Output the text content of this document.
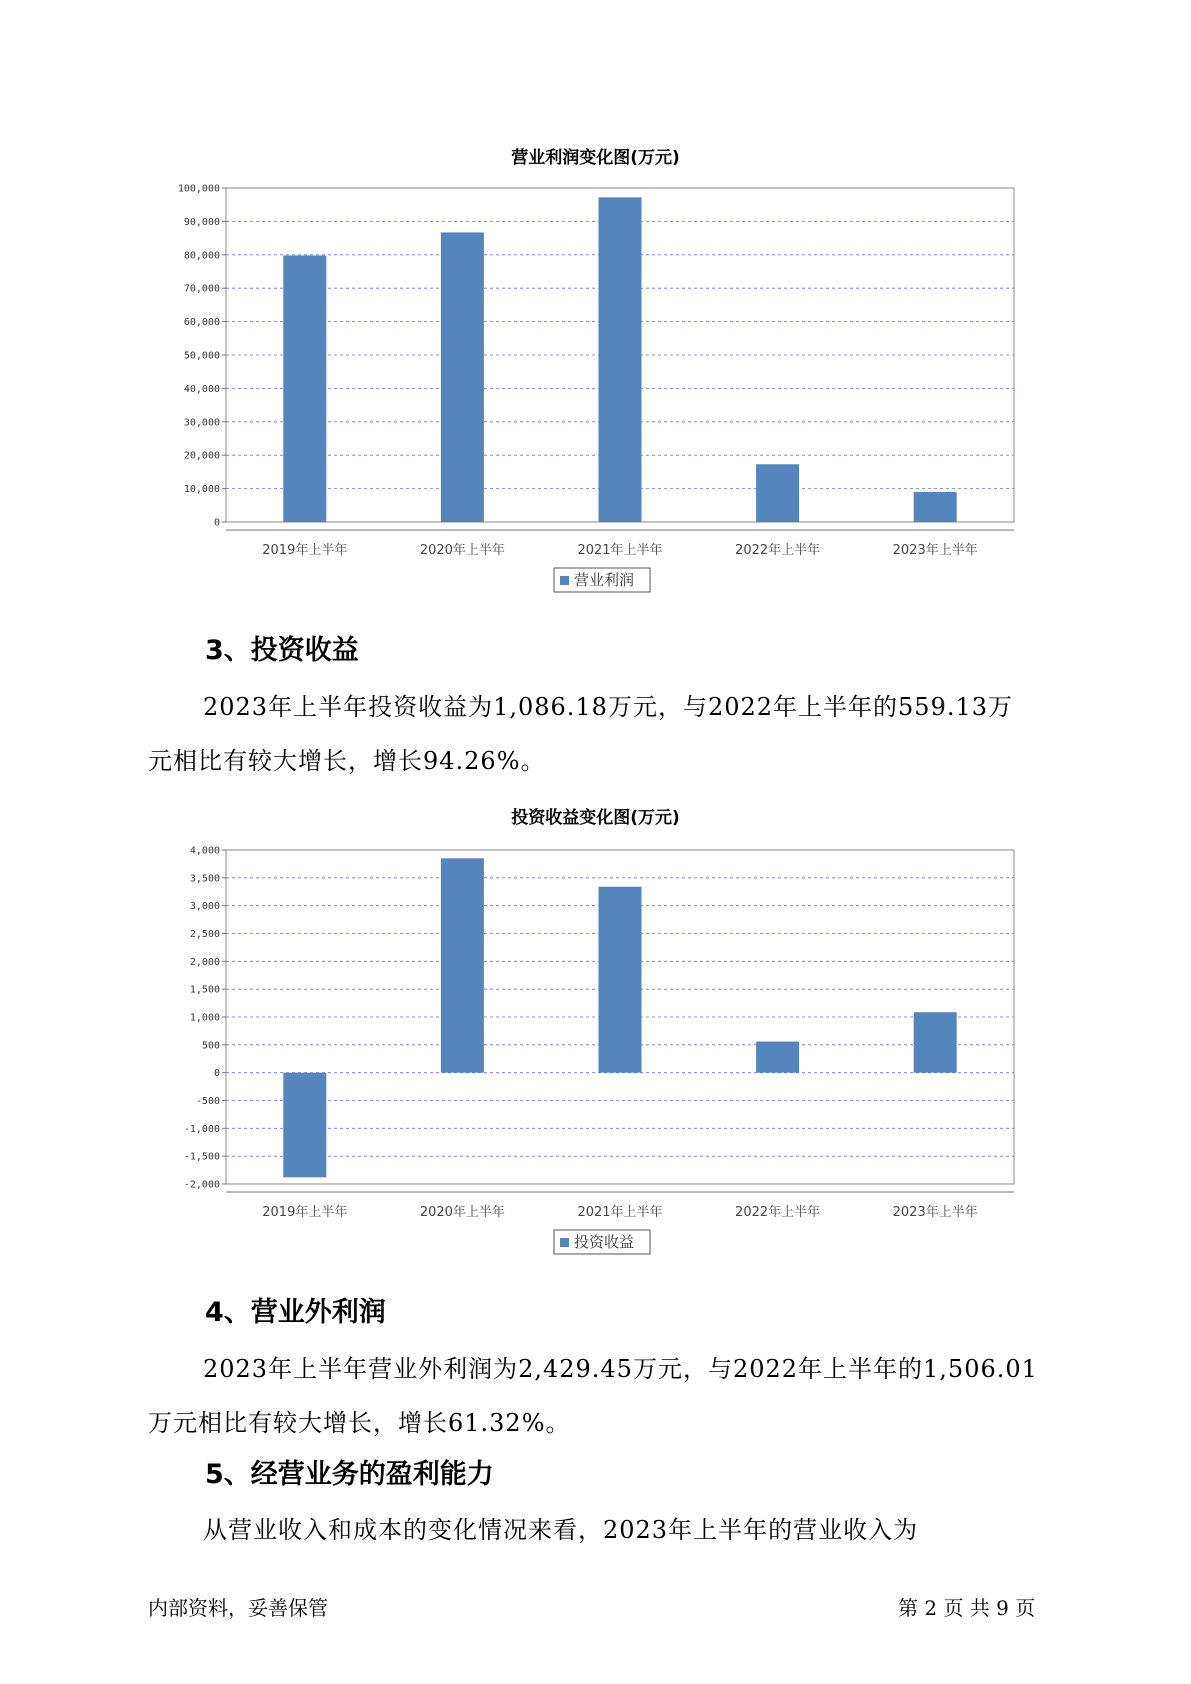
营业利润变化图(万元)
0
10,000
20,000
30,000
40,000
50,000
60,000
70,000
80,000
90,000
100,000
2019年上半年	2020年上半年	2021年上半年	2022年上半年	2023年上半年
营业利润
3、投资收益
2023年上半年投资收益为1,086.18万元，与2022年上半年的559.13万
元相比有较大增长，增长94.26%。
投资收益变化图(万元)
-2,000
-1,500
-1,000
-500
0
500
1,000
1,500
2,000
2,500
3,000
3,500
4,000
2019年上半年	2020年上半年	2021年上半年	2022年上半年	2023年上半年
投资收益
4、营业外利润
2023年上半年营业外利润为2,429.45万元，与2022年上半年的1,506.01
万元相比有较大增长，增长61.32%。
5、经营业务的盈利能力
从营业收入和成本的变化情况来看，2023年上半年的营业收入为
内部资料，妥善保管	第 2 页 共 9 页
